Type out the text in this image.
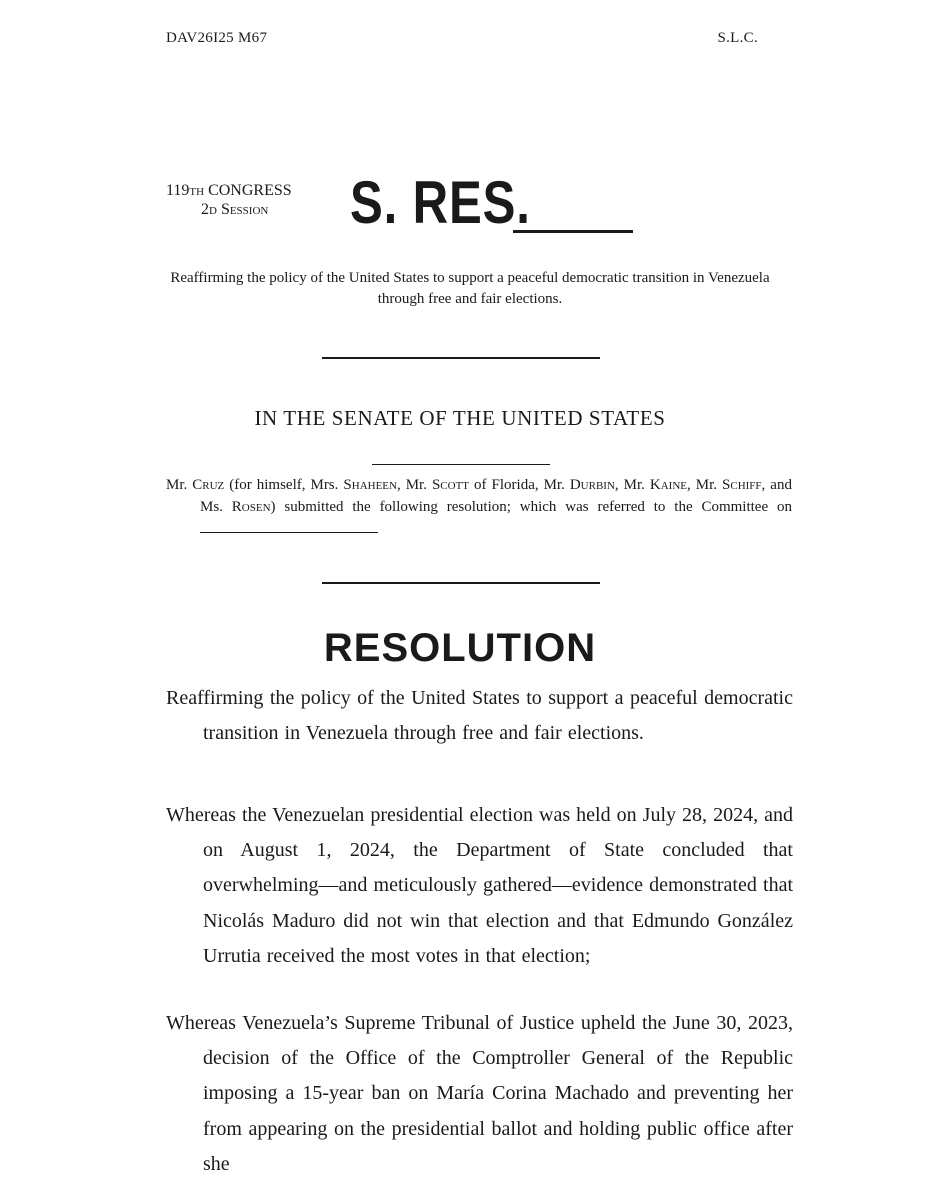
DAV26I25 M67	S.L.C.
119th CONGRESS
2d Session	S. RES.
Reaffirming the policy of the United States to support a peaceful democratic transition in Venezuela through free and fair elections.
IN THE SENATE OF THE UNITED STATES
Mr. Cruz (for himself, Mrs. Shaheen, Mr. Scott of Florida, Mr. Durbin, Mr. Kaine, Mr. Schiff, and Ms. Rosen) submitted the following resolution; which was referred to the Committee on
RESOLUTION
Reaffirming the policy of the United States to support a peaceful democratic transition in Venezuela through free and fair elections.
Whereas the Venezuelan presidential election was held on July 28, 2024, and on August 1, 2024, the Department of State concluded that overwhelming—and meticulously gathered—evidence demonstrated that Nicolás Maduro did not win that election and that Edmundo González Urrutia received the most votes in that election;
Whereas Venezuela’s Supreme Tribunal of Justice upheld the June 30, 2023, decision of the Office of the Comptroller General of the Republic imposing a 15-year ban on María Corina Machado and preventing her from appearing on the presidential ballot and holding public office after she
